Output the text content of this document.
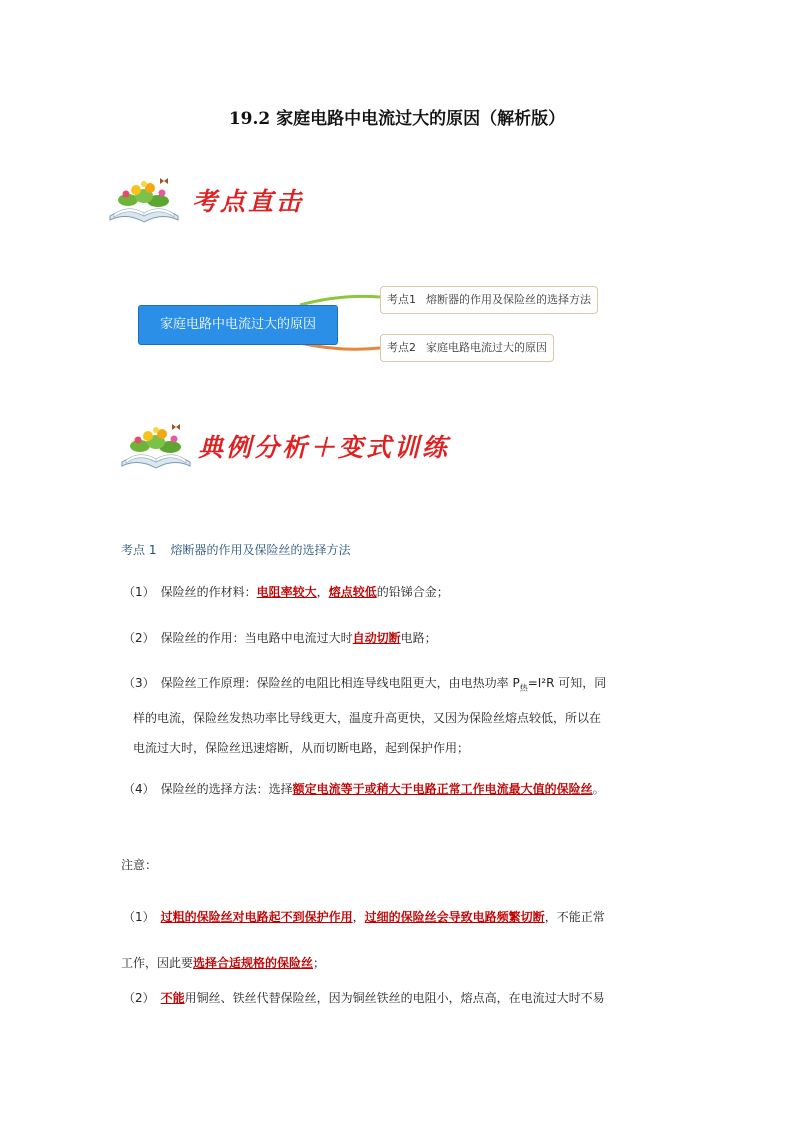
19.2 家庭电路中电流过大的原因（解析版）
考点直击
家庭电路中电流过大的原因
考点1 熔断器的作用及保险丝的选择方法
考点2 家庭电路电流过大的原因
典例分析＋变式训练
考点 1 熔断器的作用及保险丝的选择方法
（1） 保险丝的作材料：电阻率较大，熔点较低的铅锑合金；
（2） 保险丝的作用：当电路中电流过大时自动切断电路；
（3） 保险丝工作原理：保险丝的电阻比相连导线电阻更大，由电热功率 $P_热=I^2R$ 可知，同
样的电流，保险丝发热功率比导线更大，温度升高更快，又因为保险丝熔点较低，所以在
电流过大时，保险丝迅速熔断，从而切断电路，起到保护作用；
（4） 保险丝的选择方法：选择额定电流等于或稍大于电路正常工作电流最大值的保险丝。
注意：
（1） 过粗的保险丝对电路起不到保护作用，过细的保险丝会导致电路频繁切断，不能正常
工作，因此要选择合适规格的保险丝；
（2） 不能用铜丝、铁丝代替保险丝，因为铜丝铁丝的电阻小，熔点高，在电流过大时不易
